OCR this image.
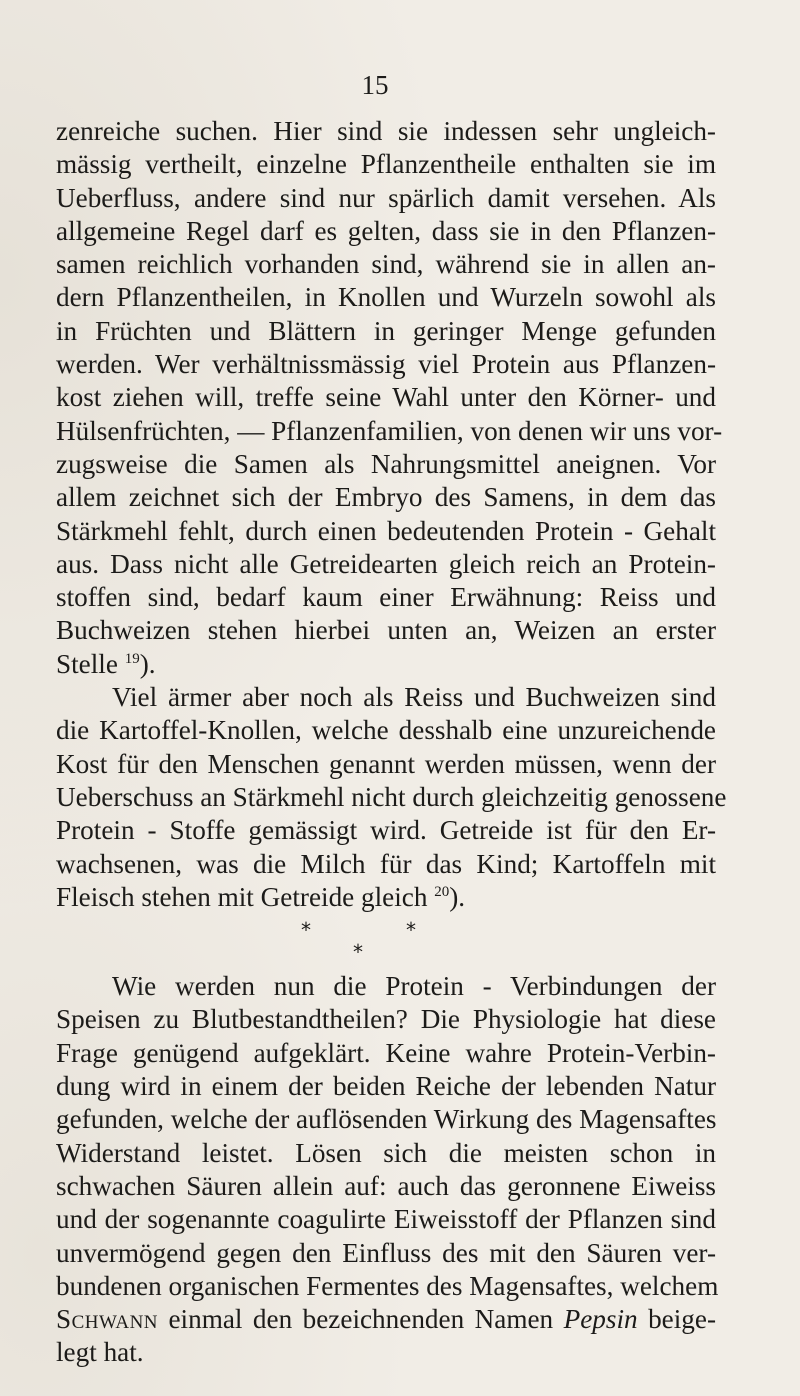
15
zenreiche suchen. Hier sind sie indessen sehr ungleich-
mässig vertheilt, einzelne Pflanzentheile enthalten sie im
Ueberfluss, andere sind nur spärlich damit versehen. Als
allgemeine Regel darf es gelten, dass sie in den Pflanzen-
samen reichlich vorhanden sind, während sie in allen an-
dern Pflanzentheilen, in Knollen und Wurzeln sowohl als
in Früchten und Blättern in geringer Menge gefunden
werden. Wer verhältnissmässig viel Protein aus Pflanzen-
kost ziehen will, treffe seine Wahl unter den Körner- und
Hülsenfrüchten, — Pflanzenfamilien, von denen wir uns vor-
zugsweise die Samen als Nahrungsmittel aneignen. Vor
allem zeichnet sich der Embryo des Samens, in dem das
Stärkmehl fehlt, durch einen bedeutenden Protein - Gehalt
aus. Dass nicht alle Getreidearten gleich reich an Protein-
stoffen sind, bedarf kaum einer Erwähnung: Reiss und
Buchweizen stehen hierbei unten an, Weizen an erster
Stelle $^{19}$).
Viel ärmer aber noch als Reiss und Buchweizen sind
die Kartoffel-Knollen, welche desshalb eine unzureichende
Kost für den Menschen genannt werden müssen, wenn der
Ueberschuss an Stärkmehl nicht durch gleichzeitig genossene
Protein - Stoffe gemässigt wird. Getreide ist für den Er-
wachsenen, was die Milch für das Kind; Kartoffeln mit
Fleisch stehen mit Getreide gleich $^{20}$).
*	*
*
Wie werden nun die Protein - Verbindungen der
Speisen zu Blutbestandtheilen? Die Physiologie hat diese
Frage genügend aufgeklärt. Keine wahre Protein-Verbin-
dung wird in einem der beiden Reiche der lebenden Natur
gefunden, welche der auflösenden Wirkung des Magensaftes
Widerstand leistet. Lösen sich die meisten schon in
schwachen Säuren allein auf: auch das geronnene Eiweiss
und der sogenannte coagulirte Eiweisstoff der Pflanzen sind
unvermögend gegen den Einfluss des mit den Säuren ver-
bundenen organischen Fermentes des Magensaftes, welchem
Schwann einmal den bezeichnenden Namen Pepsin beige-
legt hat.
